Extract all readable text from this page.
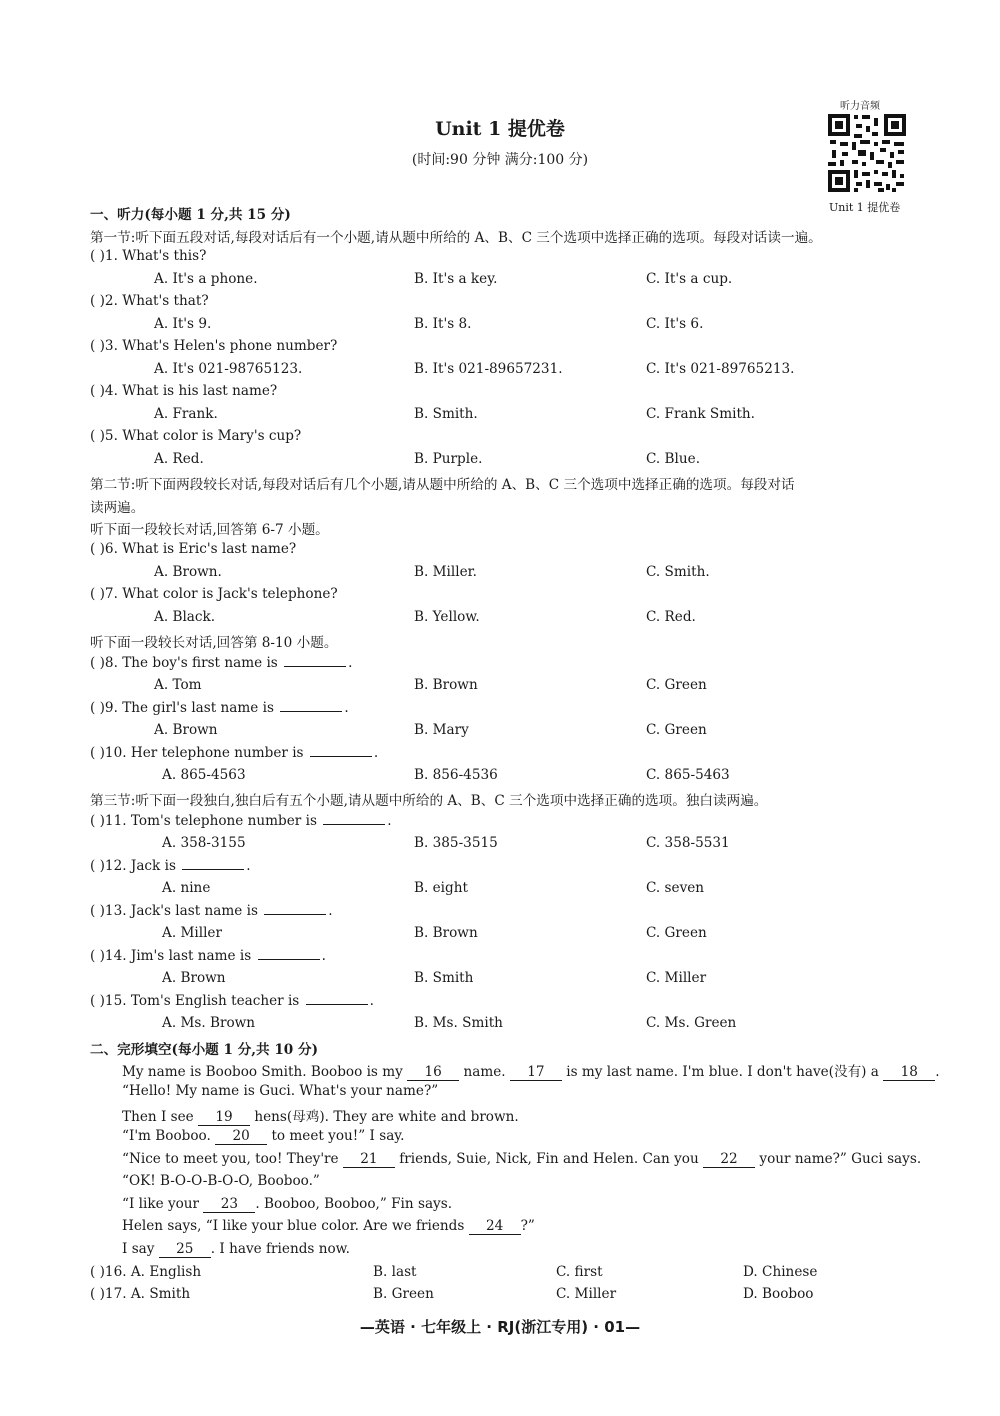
听力音频
Unit 1 提优卷
Unit 1 提优卷
(时间:90 分钟 满分:100 分)
一、听力(每小题 1 分,共 15 分)
第一节:听下面五段对话,每段对话后有一个小题,请从题中所给的 A、B、C 三个选项中选择正确的选项。每段对话读一遍。
( )1. What's this?
A. It's a phone.	B. It's a key.	C. It's a cup.
( )2. What's that?
A. It's 9.	B. It's 8.	C. It's 6.
( )3. What's Helen's phone number?
A. It's 021-98765123.	B. It's 021-89657231.	C. It's 021-89765213.
( )4. What is his last name?
A. Frank.	B. Smith.	C. Frank Smith.
( )5. What color is Mary's cup?
A. Red.	B. Purple.	C. Blue.
第二节:听下面两段较长对话,每段对话后有几个小题,请从题中所给的 A、B、C 三个选项中选择正确的选项。每段对话
读两遍。
听下面一段较长对话,回答第 6-7 小题。
( )6. What is Eric's last name?
A. Brown.	B. Miller.	C. Smith.
( )7. What color is Jack's telephone?
A. Black.	B. Yellow.	C. Red.
听下面一段较长对话,回答第 8-10 小题。
( )8. The boy's first name is	.
A. Tom	B. Brown	C. Green
( )9. The girl's last name is	.
A. Brown	B. Mary	C. Green
( )10. Her telephone number is	.
A. 865-4563	B. 856-4536	C. 865-5463
第三节:听下面一段独白,独白后有五个小题,请从题中所给的 A、B、C 三个选项中选择正确的选项。独白读两遍。
( )11. Tom's telephone number is	.
A. 358-3155	B. 385-3515	C. 358-5531
( )12. Jack is	.
A. nine	B. eight	C. seven
( )13. Jack's last name is	.
A. Miller	B. Brown	C. Green
( )14. Jim's last name is	.
A. Brown	B. Smith	C. Miller
( )15. Tom's English teacher is	.
A. Ms. Brown	B. Ms. Smith	C. Ms. Green
二、完形填空(每小题 1 分,共 10 分)
My name is Booboo Smith. Booboo is my 16 name. 17 is my last name. I'm blue. I don't have(没有) a 18 .
“Hello! My name is Guci. What's your name?”
Then I see 19 hens(母鸡). They are white and brown.
“I'm Booboo. 20 to meet you!” I say.
“Nice to meet you, too! They're 21 friends, Suie, Nick, Fin and Helen. Can you 22 your name?” Guci says.
“OK! B-O-O-B-O-O, Booboo.”
“I like your 23 . Booboo, Booboo,” Fin says.
Helen says, “I like your blue color. Are we friends 24 ?”
I say 25 . I have friends now.
( )16. A. English	B. last	C. first	D. Chinese
( )17. A. Smith	B. Green	C. Miller	D. Booboo
—英语 · 七年级上 · RJ(浙江专用) · 01—
